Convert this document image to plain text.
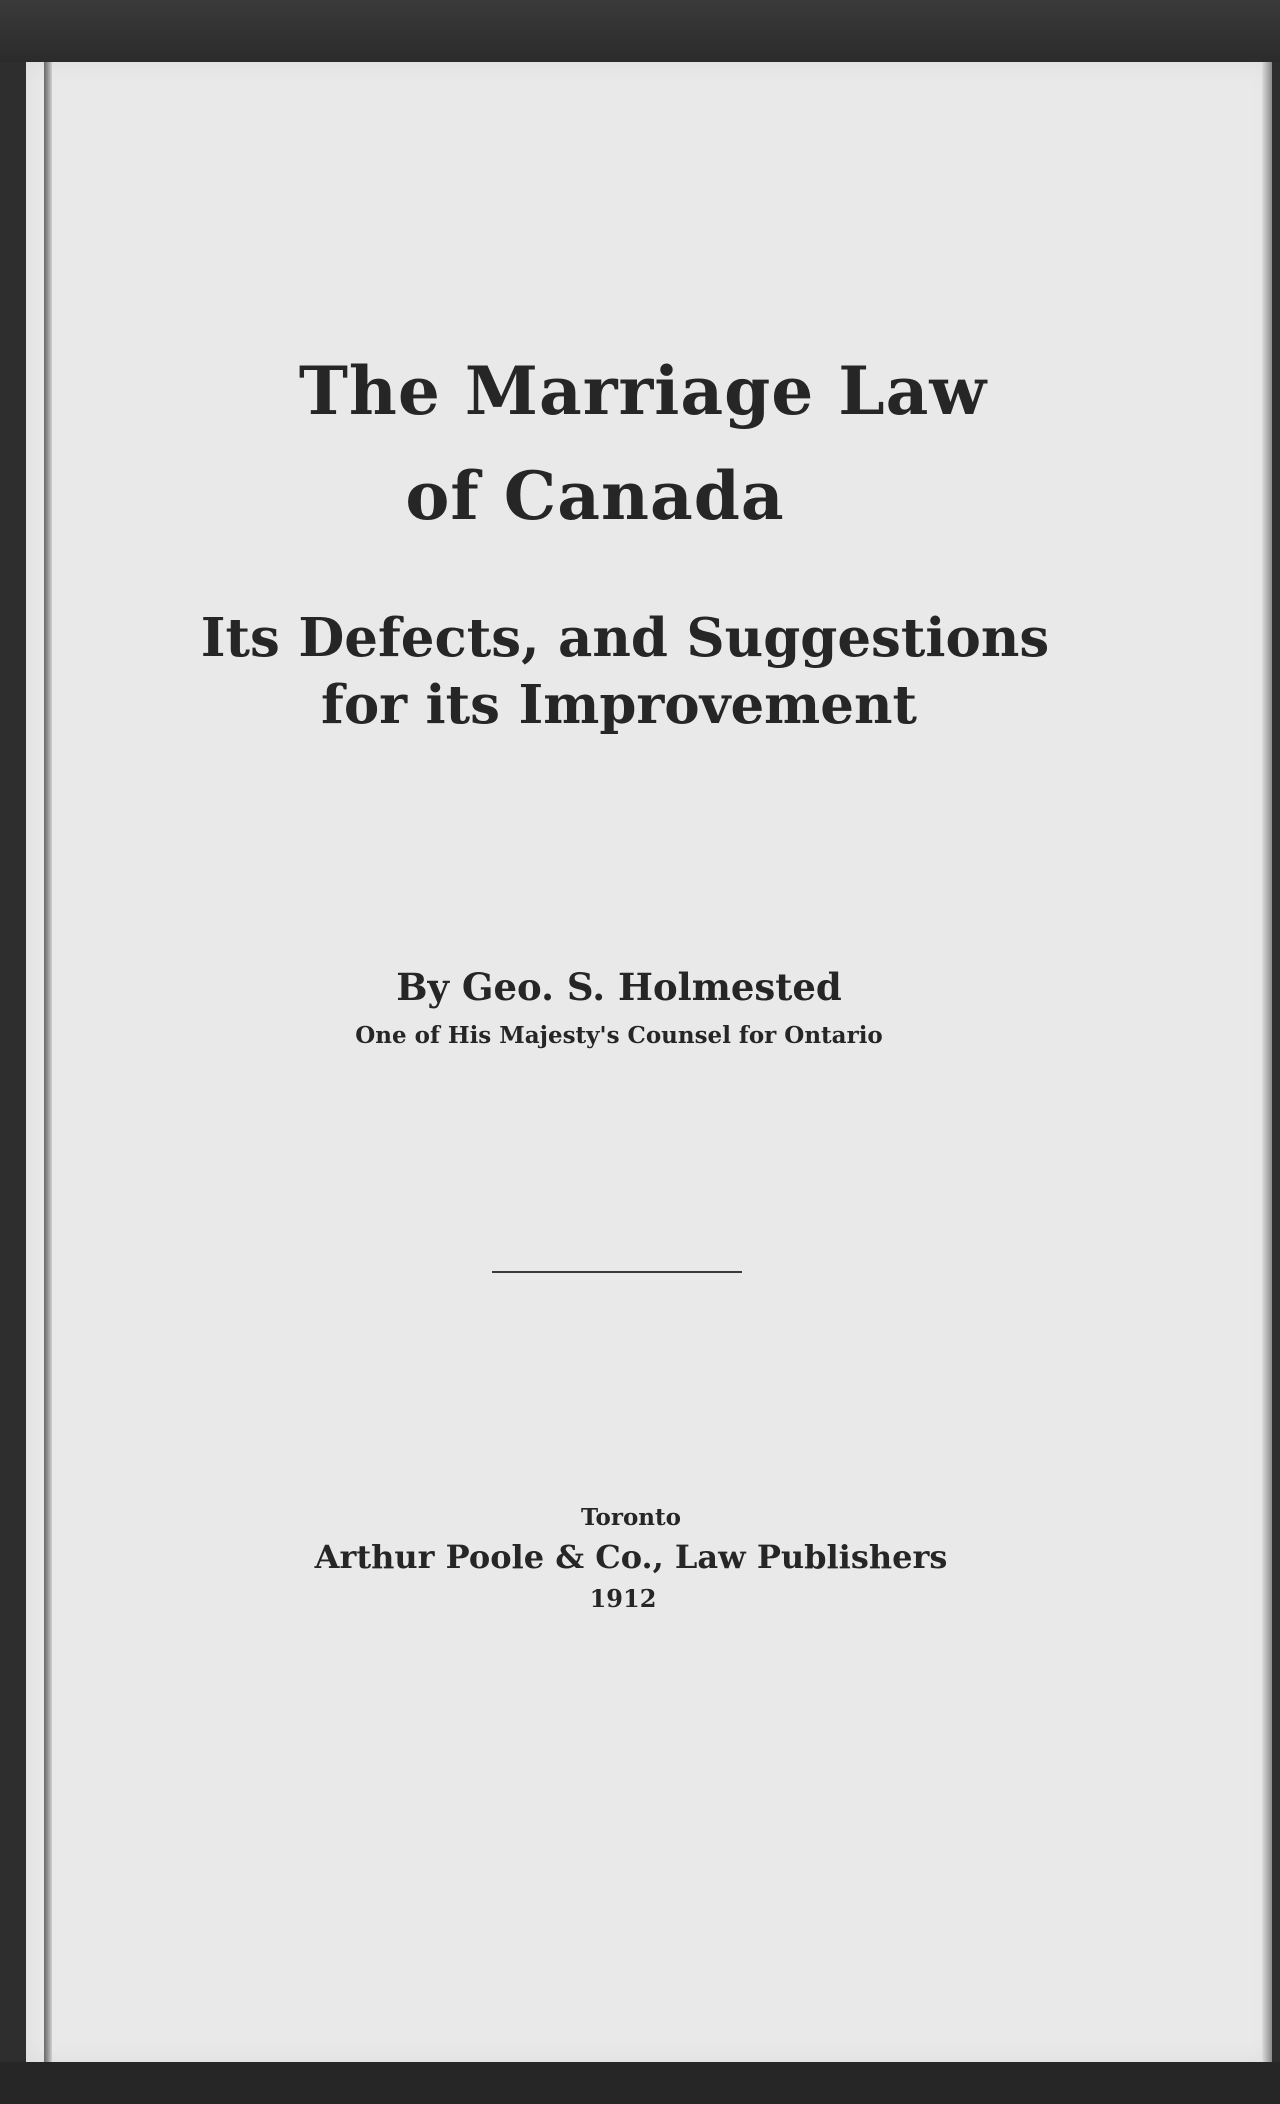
The Marriage Law
of Canada
Its Defects, and Suggestions
for its Improvement
By Geo. S. Holmested
One of His Majesty's Counsel for Ontario
Toronto
Arthur Poole & Co., Law Publishers
1912
